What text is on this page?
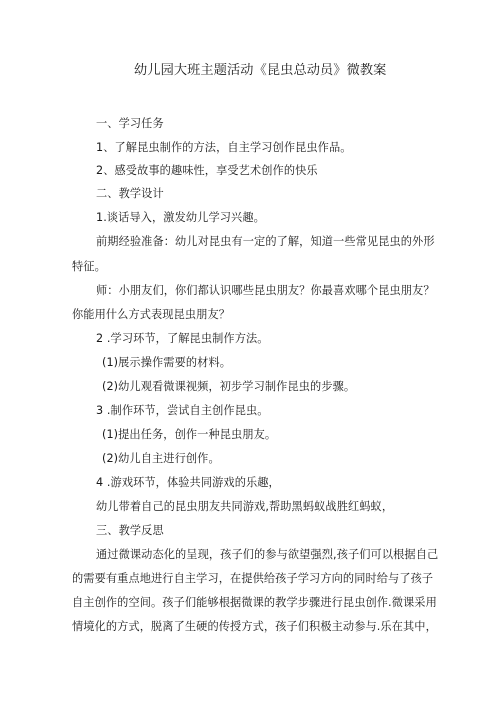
幼儿园大班主题活动《昆虫总动员》微教案
一、学习任务
1、了解昆虫制作的方法，自主学习创作昆虫作品。
2、感受故事的趣味性，享受艺术创作的快乐
二、教学设计
1.谈话导入，激发幼儿学习兴趣。
前期经验准备：幼儿对昆虫有一定的了解，知道一些常见昆虫的外形
特征。
师：小朋友们，你们都认识哪些昆虫朋友？你最喜欢哪个昆虫朋友？
你能用什么方式表现昆虫朋友？
2 .学习环节，了解昆虫制作方法。
(1)展示操作需要的材料。
(2)幼儿观看微课视频，初步学习制作昆虫的步骤。
3 .制作环节，尝试自主创作昆虫。
(1)提出任务，创作一种昆虫朋友。
(2)幼儿自主进行创作。
4 .游戏环节，体验共同游戏的乐趣，
幼儿带着自己的昆虫朋友共同游戏,帮助黑蚂蚁战胜红蚂蚁，
三、教学反思
通过微课动态化的呈现，孩子们的参与欲望强烈,孩子们可以根据自己
的需要有重点地进行自主学习，在提供给孩子学习方向的同时给与了孩子
自主创作的空间。孩子们能够根据微课的教学步骤进行昆虫创作.微课采用
情境化的方式，脱离了生硬的传授方式，孩子们积极主动参与.乐在其中，
